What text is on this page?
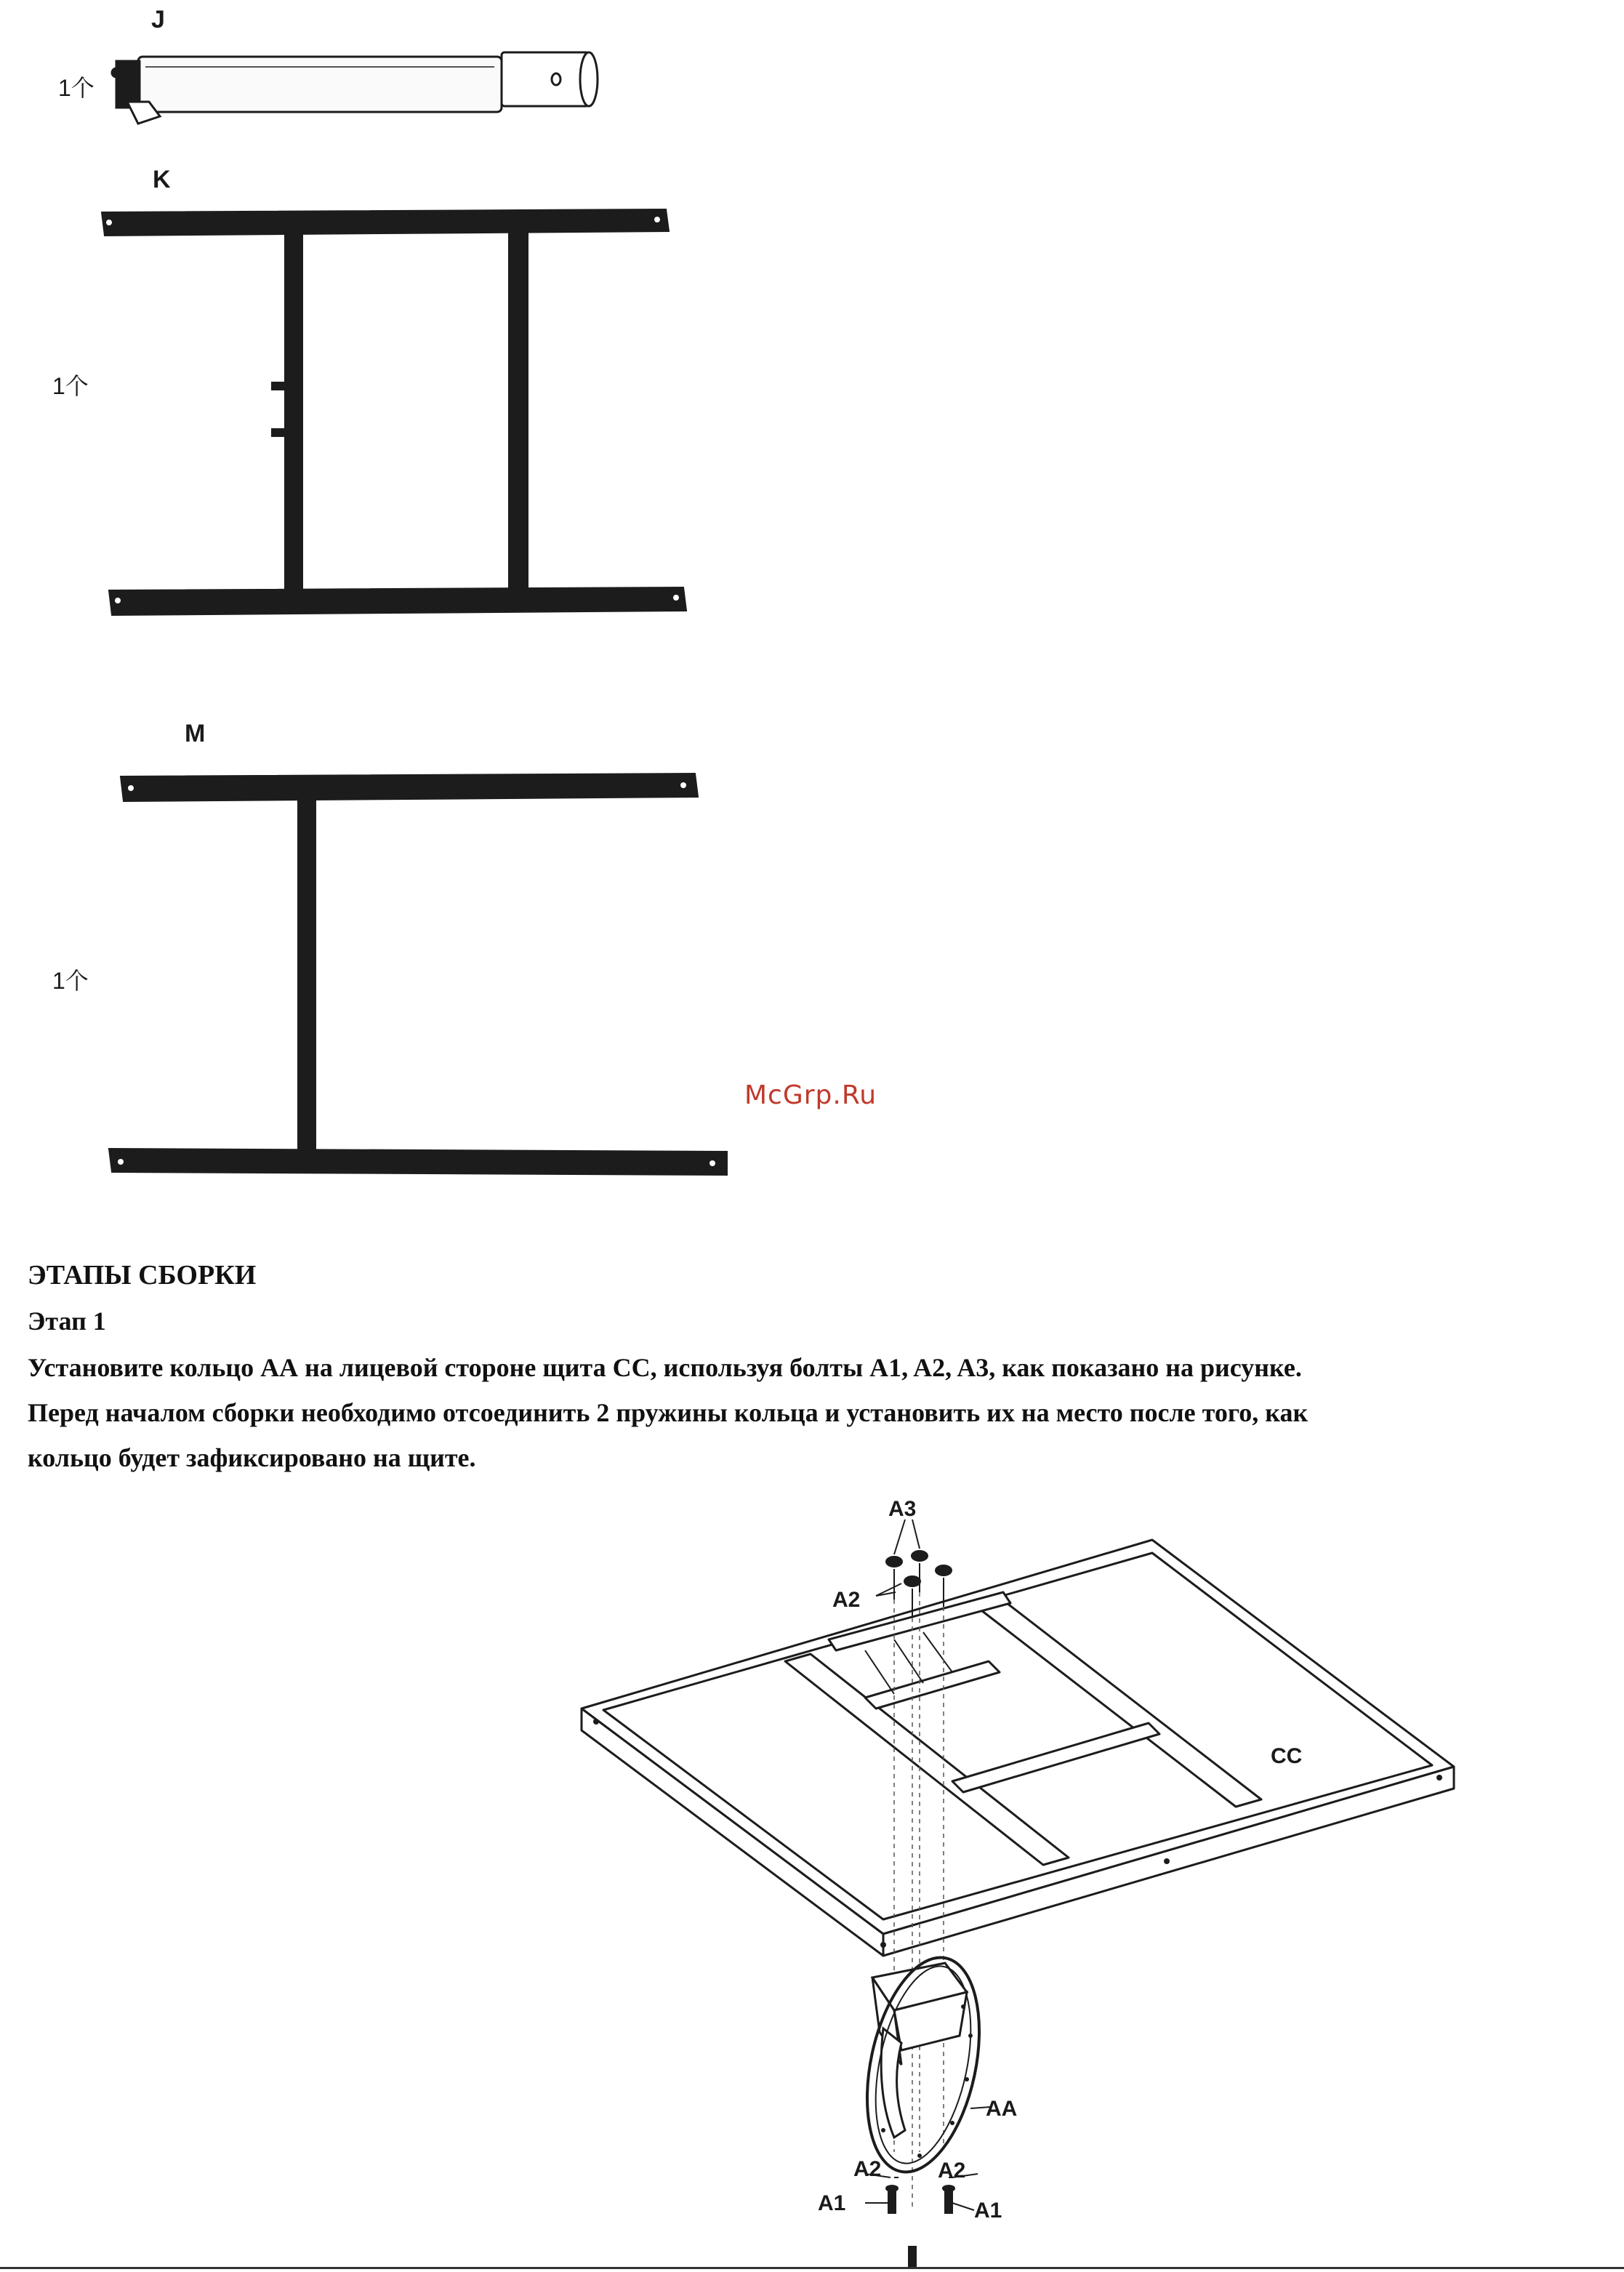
J
1个
K
1个
M
1个
McGrp.Ru
ЭТАПЫ СБОРКИ
Этап 1
Установите кольцо АА на лицевой стороне щита CC, используя болты A1, A2, A3, как показано на рисунке.
Перед началом сборки необходимо отсоединить 2 пружины кольца и установить их на место после того, как
кольцо будет зафиксировано на щите.
A3
A2
CC
AA
A2	A2
A1	A1
